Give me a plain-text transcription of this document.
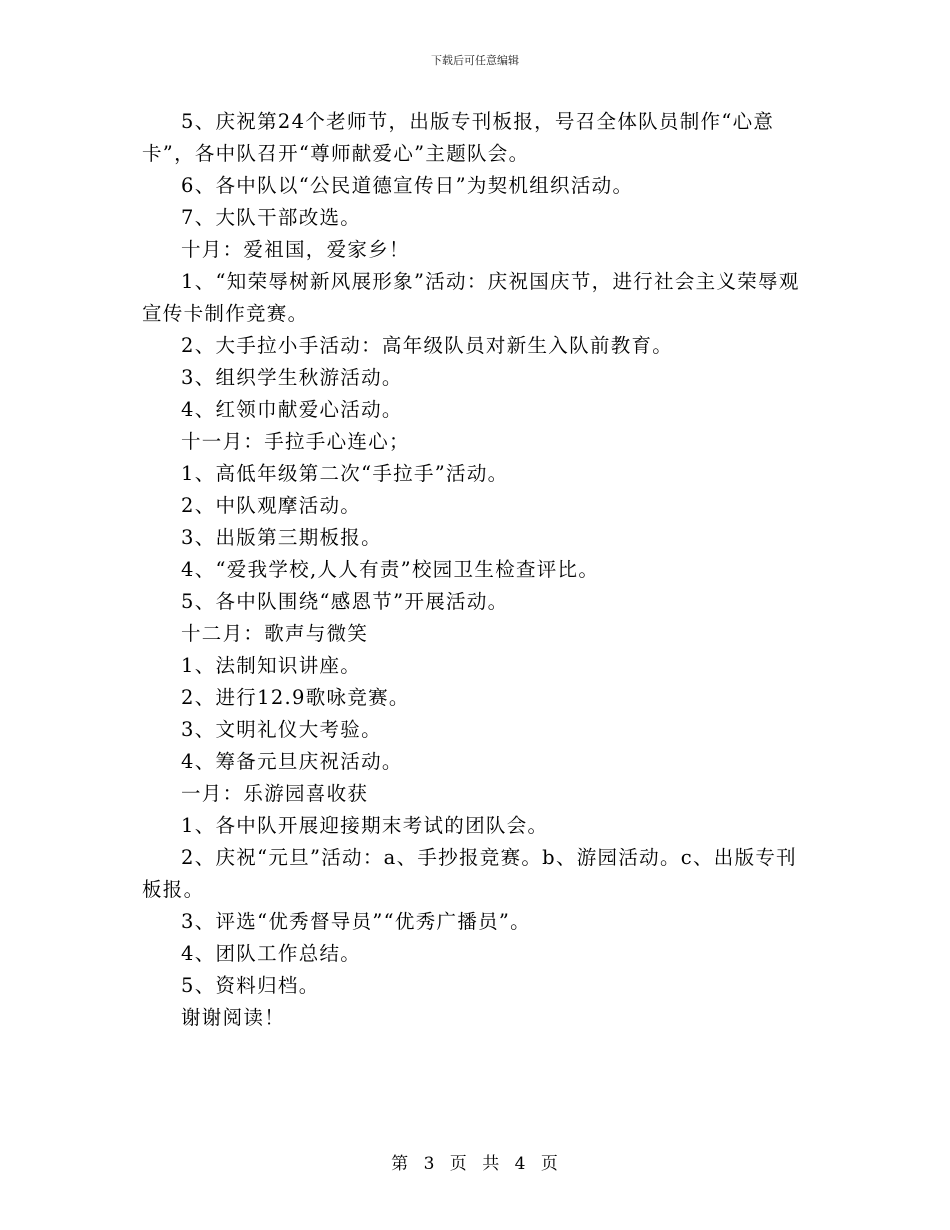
下载后可任意编辑

5、庆祝第24个老师节，出版专刊板报，号召全体队员制作“心意卡”，各中队召开“尊师献爱心”主题队会。

6、各中队以“公民道德宣传日”为契机组织活动。

7、大队干部改选。

十月：爱祖国，爱家乡！

1、“知荣辱树新风展形象”活动：庆祝国庆节，进行社会主义荣辱观宣传卡制作竞赛。

2、大手拉小手活动：高年级队员对新生入队前教育。

3、组织学生秋游活动。

4、红领巾献爱心活动。

十一月：手拉手心连心；

1、高低年级第二次“手拉手”活动。

2、中队观摩活动。

3、出版第三期板报。

4、“爱我学校,人人有责”校园卫生检查评比。

5、各中队围绕“感恩节”开展活动。

十二月：歌声与微笑

1、法制知识讲座。

2、进行12.9歌咏竞赛。

3、文明礼仪大考验。

4、筹备元旦庆祝活动。

一月：乐游园喜收获

1、各中队开展迎接期末考试的团队会。

2、庆祝“元旦”活动：a、手抄报竞赛。b、游园活动。c、出版专刊板报。

3、评选“优秀督导员”“优秀广播员”。

4、团队工作总结。

5、资料归档。

谢谢阅读！

第 3 页 共 4 页
